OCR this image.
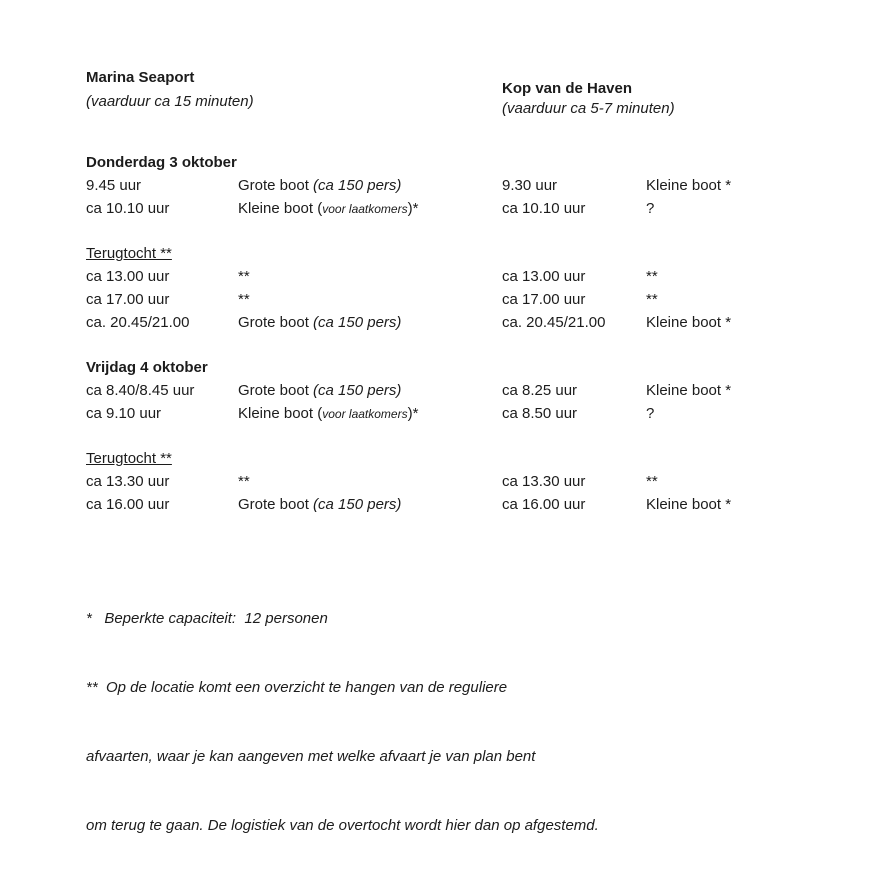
Marina Seaport
(vaarduur ca 15 minuten)
Kop van de Haven
(vaarduur ca 5-7 minuten)
Donderdag 3 oktober
9.45 uur	Grote boot (ca 150 pers)	9.30 uur	Kleine boot *
ca 10.10 uur	Kleine boot (voor laatkomers)*	ca 10.10 uur	?
Terugtocht **
ca 13.00 uur	**	ca 13.00 uur	**
ca 17.00 uur	**	ca 17.00 uur	**
ca. 20.45/21.00	Grote boot (ca 150 pers)	ca. 20.45/21.00	Kleine boot *
Vrijdag 4 oktober
ca 8.40/8.45 uur	Grote boot (ca 150 pers)	ca 8.25 uur	Kleine boot *
ca 9.10 uur	Kleine boot (voor laatkomers)*	ca 8.50 uur	?
Terugtocht **
ca 13.30 uur	**	ca 13.30 uur	**
ca 16.00 uur	Grote boot (ca 150 pers)	ca 16.00 uur	Kleine boot *

*   Beperkte capaciteit:  12 personen

**  Op de locatie komt een overzicht te hangen van de reguliere

afvaarten, waar je kan aangeven met welke afvaart je van plan bent

om terug te gaan. De logistiek van de overtocht wordt hier dan op afgestemd.
